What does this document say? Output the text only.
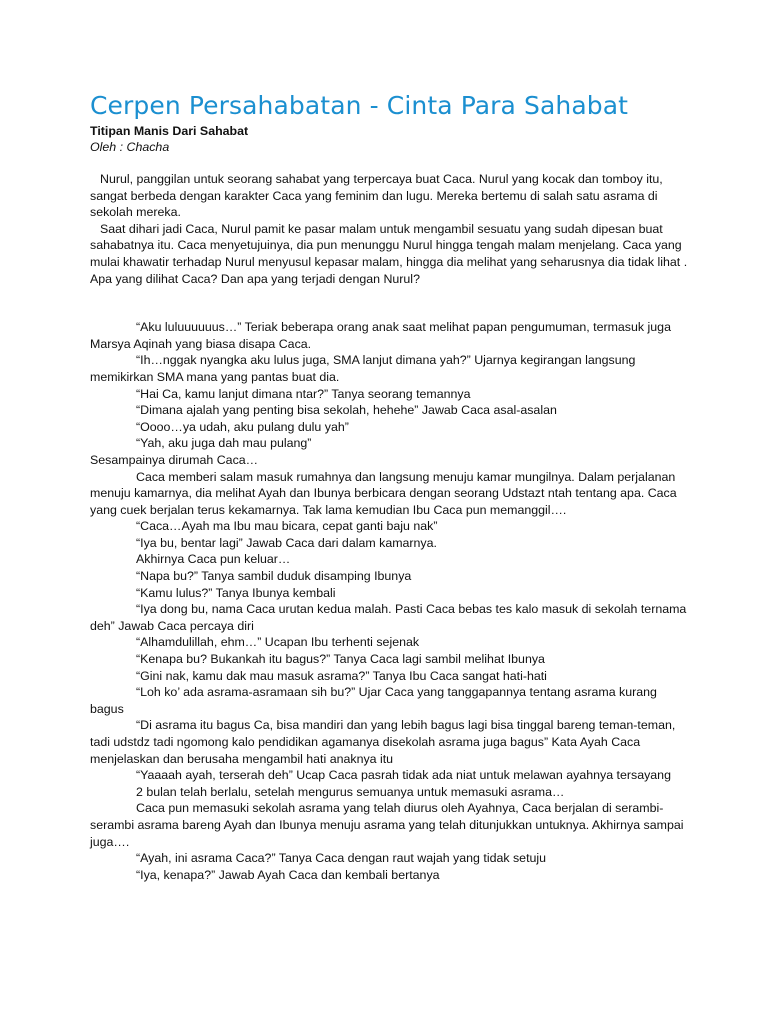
Cerpen Persahabatan - Cinta Para Sahabat
Titipan Manis Dari Sahabat
Oleh : Chacha

Nurul, panggilan untuk seorang sahabat yang terpercaya buat Caca. Nurul yang kocak dan tomboy itu, sangat berbeda dengan karakter Caca yang feminim dan lugu. Mereka bertemu di salah satu asrama di sekolah mereka.

Saat dihari jadi Caca, Nurul pamit ke pasar malam untuk mengambil sesuatu yang sudah dipesan buat sahabatnya itu. Caca menyetujuinya, dia pun menunggu Nurul hingga tengah malam menjelang. Caca yang mulai khawatir terhadap Nurul menyusul kepasar malam, hingga dia melihat yang seharusnya dia tidak lihat . Apa yang dilihat Caca? Dan apa yang terjadi dengan Nurul?

“Aku luluuuuuus…” Teriak beberapa orang anak saat melihat papan pengumuman, termasuk juga Marsya Aqinah yang biasa disapa Caca.

“Ih…nggak nyangka aku lulus juga, SMA lanjut dimana yah?” Ujarnya kegirangan langsung memikirkan SMA mana yang pantas buat dia.

“Hai Ca, kamu lanjut dimana ntar?” Tanya seorang temannya

“Dimana ajalah yang penting bisa sekolah, hehehe” Jawab Caca asal-asalan

“Oooo…ya udah, aku pulang dulu yah”

“Yah, aku juga dah mau pulang”

Sesampainya dirumah Caca…

Caca memberi salam masuk rumahnya dan langsung menuju kamar mungilnya. Dalam perjalanan menuju kamarnya, dia melihat Ayah dan Ibunya berbicara dengan seorang Udstazt ntah tentang apa. Caca yang cuek berjalan terus kekamarnya. Tak lama kemudian Ibu Caca pun memanggil….

“Caca…Ayah ma Ibu mau bicara, cepat ganti baju nak”

“Iya bu, bentar lagi” Jawab Caca dari dalam kamarnya.

Akhirnya Caca pun keluar…

“Napa bu?” Tanya sambil duduk disamping Ibunya

“Kamu lulus?” Tanya Ibunya kembali

“Iya dong bu, nama Caca urutan kedua malah. Pasti Caca bebas tes kalo masuk di sekolah ternama deh” Jawab Caca percaya diri

“Alhamdulillah, ehm…” Ucapan Ibu terhenti sejenak

“Kenapa bu? Bukankah itu bagus?” Tanya Caca lagi sambil melihat Ibunya

“Gini nak, kamu dak mau masuk asrama?” Tanya Ibu Caca sangat hati-hati

“Loh ko’ ada asrama-asramaan sih bu?” Ujar Caca yang tanggapannya tentang asrama kurang bagus

“Di asrama itu bagus Ca, bisa mandiri dan yang lebih bagus lagi bisa tinggal bareng teman-teman, tadi udstdz tadi ngomong kalo pendidikan agamanya disekolah asrama juga bagus” Kata Ayah Caca menjelaskan dan berusaha mengambil hati anaknya itu

“Yaaaah ayah, terserah deh” Ucap Caca pasrah tidak ada niat untuk melawan ayahnya tersayang

2 bulan telah berlalu, setelah mengurus semuanya untuk memasuki asrama…

Caca pun memasuki sekolah asrama yang telah diurus oleh Ayahnya, Caca berjalan di serambi-serambi asrama bareng Ayah dan Ibunya menuju asrama yang telah ditunjukkan untuknya. Akhirnya sampai juga….

“Ayah, ini asrama Caca?” Tanya Caca dengan raut wajah yang tidak setuju

“Iya, kenapa?” Jawab Ayah Caca dan kembali bertanya
